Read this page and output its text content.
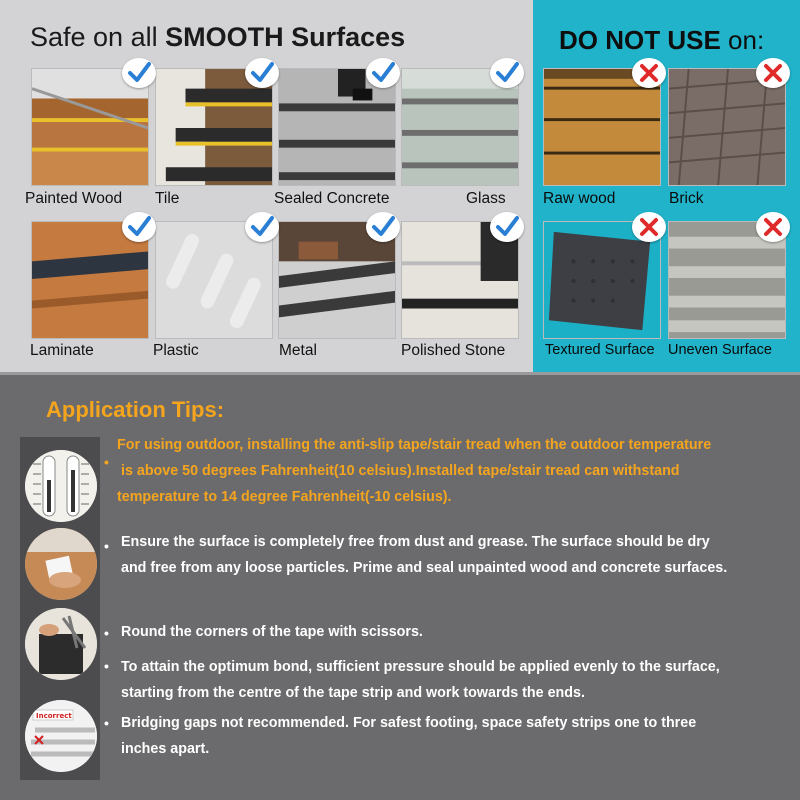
Safe on all SMOOTH Surfaces	DO NOT USE on:
Painted Wood Tile	Sealed Concrete	Glass Raw wood	Brick
Laminate	Plastic	Metal	Polished Stone	Textured Surface Uneven Surface
Application Tips:
Incorrect
•
•
•
•
•
For using outdoor, installing the anti-slip tape/stair tread when the outdoor temperature
is above 50 degrees Fahrenheit(10 celsius).Installed tape/stair tread can withstand
temperature to 14 degree Fahrenheit(-10 celsius).
Ensure the surface is completely free from dust and grease. The surface should be dry
and free from any loose particles. Prime and seal unpainted wood and concrete surfaces.
Round the corners of the tape with scissors.
To attain the optimum bond, sufficient pressure should be applied evenly to the surface,
starting from the centre of the tape strip and work towards the ends.
Bridging gaps not recommended. For safest footing, space safety strips one to three
inches apart.
